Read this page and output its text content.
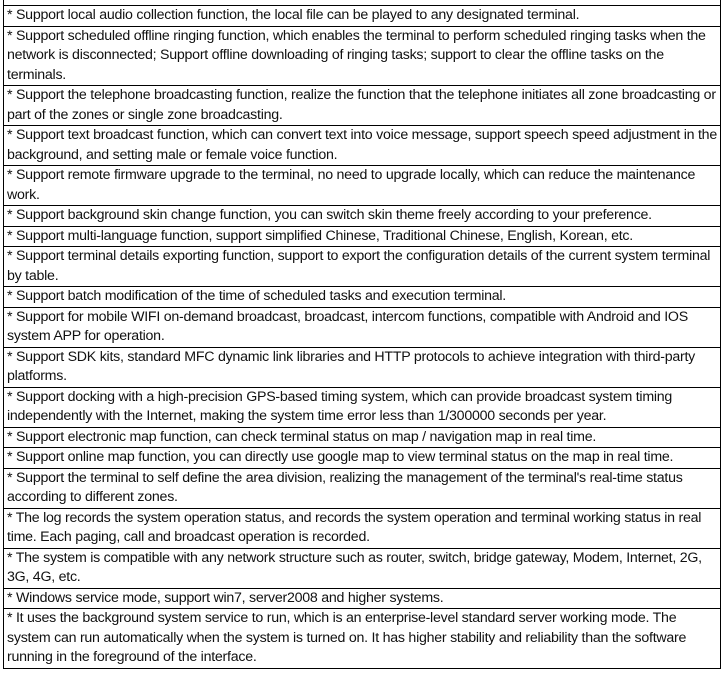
* Support local audio collection function, the local file can be played to any designated terminal.
* Support scheduled offline ringing function, which enables the terminal to perform scheduled ringing tasks when the network is disconnected; Support offline downloading of ringing tasks; support to clear the offline tasks on the terminals.
* Support the telephone broadcasting function, realize the function that the telephone initiates all zone broadcasting or part of the zones or single zone broadcasting.
* Support text broadcast function, which can convert text into voice message, support speech speed adjustment in the background, and setting male or female voice function.
* Support remote firmware upgrade to the terminal, no need to upgrade locally, which can reduce the maintenance work.
* Support background skin change function, you can switch skin theme freely according to your preference.
* Support multi-language function, support simplified Chinese, Traditional Chinese, English, Korean, etc.
* Support terminal details exporting function, support to export the configuration details of the current system terminal by table.
* Support batch modification of the time of scheduled tasks and execution terminal.
* Support for mobile WIFI on-demand broadcast, broadcast, intercom functions, compatible with Android and IOS system APP for operation.
* Support SDK kits, standard MFC dynamic link libraries and HTTP protocols to achieve integration with third-party platforms.
* Support docking with a high-precision GPS-based timing system, which can provide broadcast system timing independently with the Internet, making the system time error less than 1/300000 seconds per year.
* Support electronic map function, can check terminal status on map / navigation map in real time.
* Support online map function, you can directly use google map to view terminal status on the map in real time.
* Support the terminal to self define the area division, realizing the management of the terminal's real-time status according to different zones.
* The log records the system operation status, and records the system operation and terminal working status in real time. Each paging, call and broadcast operation is recorded.
* The system is compatible with any network structure such as router, switch, bridge gateway, Modem, Internet, 2G, 3G, 4G, etc.
* Windows service mode, support win7, server2008 and higher systems.
* It uses the background system service to run, which is an enterprise-level standard server working mode. The system can run automatically when the system is turned on. It has higher stability and reliability than the software running in the foreground of the interface.
